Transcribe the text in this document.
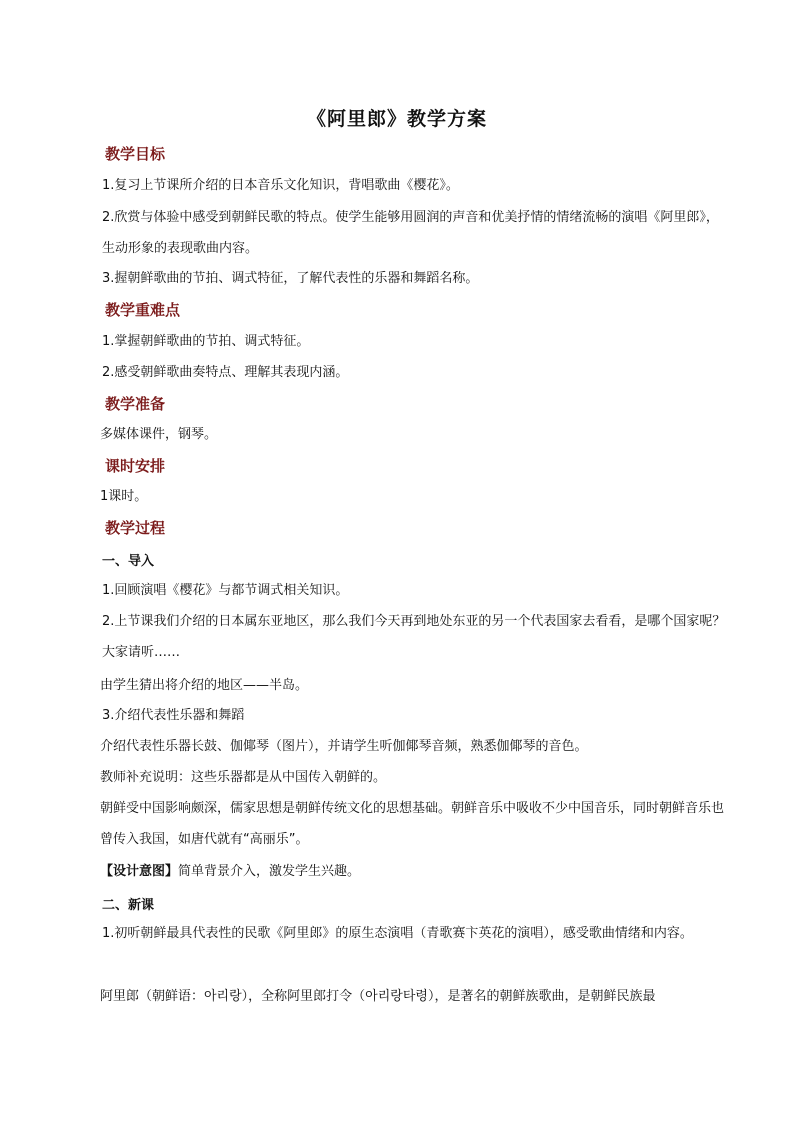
《阿里郎》教学方案
教学目标
1.复习上节课所介绍的日本音乐文化知识，背唱歌曲《樱花》。
2.欣赏与体验中感受到朝鲜民歌的特点。使学生能够用圆润的声音和优美抒情的情绪流畅的演唱《阿里郎》，生动形象的表现歌曲内容。
3.握朝鲜歌曲的节拍、调式特征，了解代表性的乐器和舞蹈名称。
教学重难点
1.掌握朝鲜歌曲的节拍、调式特征。
2.感受朝鲜歌曲奏特点、理解其表现内涵。
教学准备
多媒体课件，钢琴。
课时安排
1课时。
教学过程
一、导入
1.回顾演唱《樱花》与都节调式相关知识。
2.上节课我们介绍的日本属东亚地区，那么我们今天再到地处东亚的另一个代表国家去看看，是哪个国家呢？大家请听……
由学生猜出将介绍的地区——半岛。
3.介绍代表性乐器和舞蹈
介绍代表性乐器长鼓、伽倻琴（图片），并请学生听伽倻琴音频，熟悉伽倻琴的音色。
教师补充说明：这些乐器都是从中国传入朝鲜的。
朝鲜受中国影响颇深，儒家思想是朝鲜传统文化的思想基础。朝鲜音乐中吸收不少中国音乐，同时朝鲜音乐也曾传入我国，如唐代就有“高丽乐”。
【设计意图】简单背景介入，激发学生兴趣。
二、新课
1.初听朝鲜最具代表性的民歌《阿里郎》的原生态演唱（青歌赛卞英花的演唱），感受歌曲情绪和内容。
阿里郎（朝鲜语：아리랑），全称阿里郎打令（아리랑타령），是著名的朝鲜族歌曲，是朝鲜民族最
